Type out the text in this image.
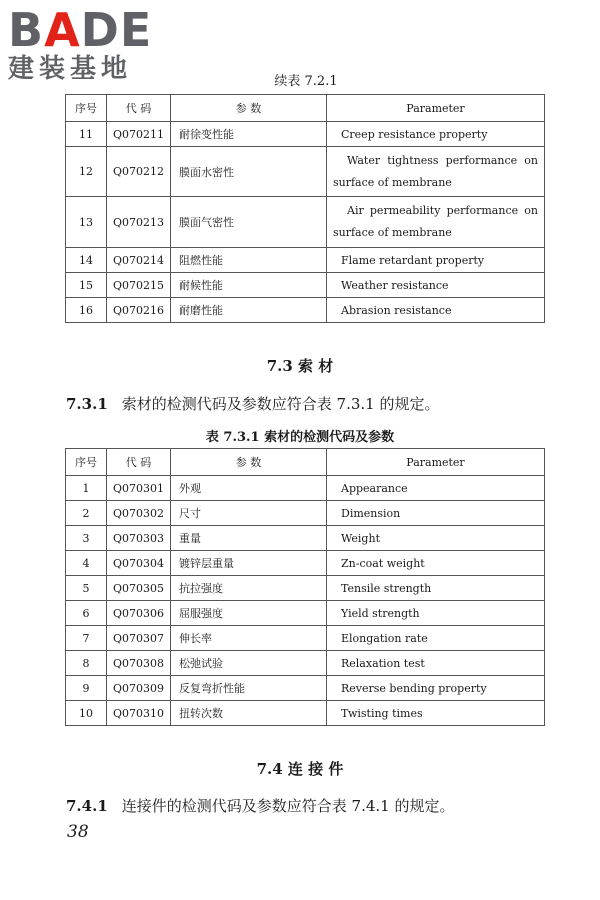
BADE
建装基地	续表 7.2.1
序号	代 码	参 数	Parameter
11	Q070211	耐徐变性能	Creep resistance property
12	Q070212	膜面水密性	Water tightness performance on surface of membrane
13	Q070213	膜面气密性	Air permeability performance on surface of membrane
14	Q070214	阻燃性能	Flame retardant property
15	Q070215	耐候性能	Weather resistance
16	Q070216	耐磨性能	Abrasion resistance
7.3 索 材
7.3.1 索材的检测代码及参数应符合表 7.3.1 的规定。
表 7.3.1 索材的检测代码及参数
序号	代 码	参 数	Parameter
1	Q070301	外观	Appearance
2	Q070302	尺寸	Dimension
3	Q070303	重量	Weight
4	Q070304	镀锌层重量	Zn-coat weight
5	Q070305	抗拉强度	Tensile strength
6	Q070306	屈服强度	Yield strength
7	Q070307	伸长率	Elongation rate
8	Q070308	松弛试验	Relaxation test
9	Q070309	反复弯折性能	Reverse bending property
10	Q070310	扭转次数	Twisting times
7.4 连 接 件
7.4.1 连接件的检测代码及参数应符合表 7.4.1 的规定。
38
